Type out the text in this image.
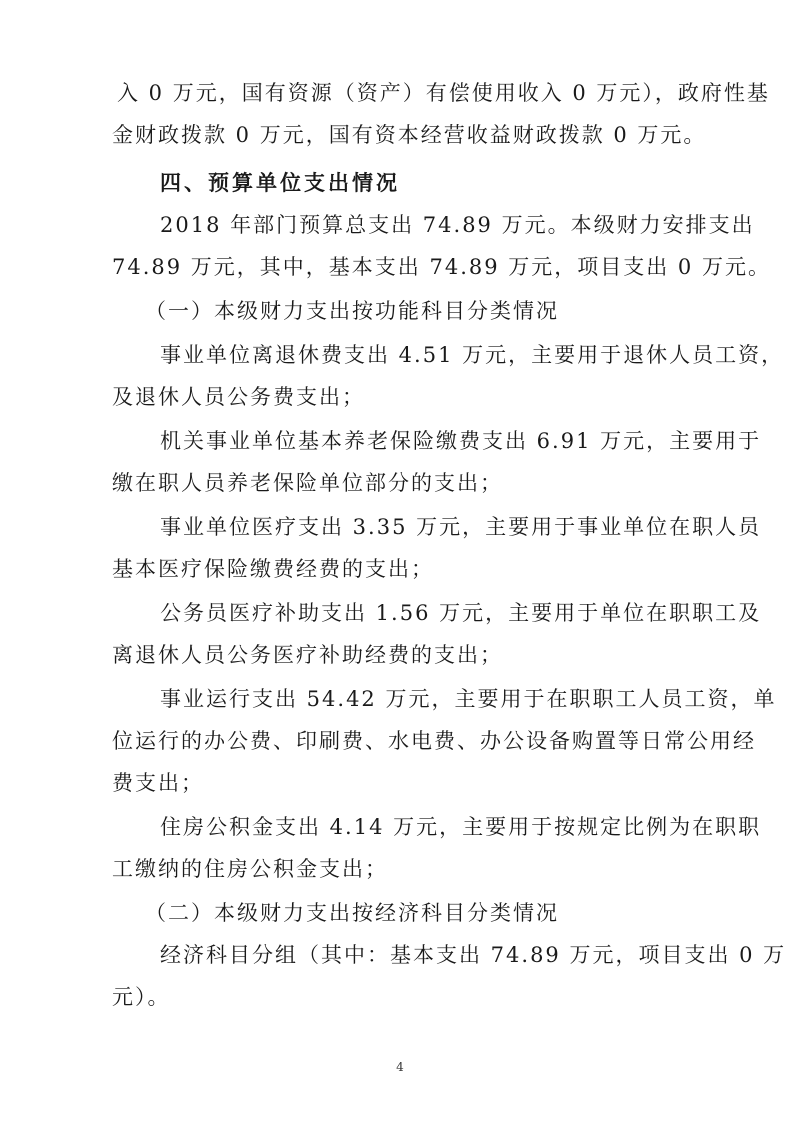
入 0 万元，国有资源（资产）有偿使用收入 0 万元），政府性基
金财政拨款 0 万元，国有资本经营收益财政拨款 0 万元。
四、预算单位支出情况
2018 年部门预算总支出 74.89 万元。本级财力安排支出
74.89 万元，其中，基本支出 74.89 万元，项目支出 0 万元。
（一）本级财力支出按功能科目分类情况
事业单位离退休费支出 4.51 万元，主要用于退休人员工资，
及退休人员公务费支出；
机关事业单位基本养老保险缴费支出 6.91 万元，主要用于
缴在职人员养老保险单位部分的支出；
事业单位医疗支出 3.35 万元，主要用于事业单位在职人员
基本医疗保险缴费经费的支出；
公务员医疗补助支出 1.56 万元，主要用于单位在职职工及
离退休人员公务医疗补助经费的支出；
事业运行支出 54.42 万元，主要用于在职职工人员工资，单
位运行的办公费、印刷费、水电费、办公设备购置等日常公用经
费支出；
住房公积金支出 4.14 万元，主要用于按规定比例为在职职
工缴纳的住房公积金支出；
（二）本级财力支出按经济科目分类情况
经济科目分组（其中：基本支出 74.89 万元，项目支出 0 万
元）。
4
